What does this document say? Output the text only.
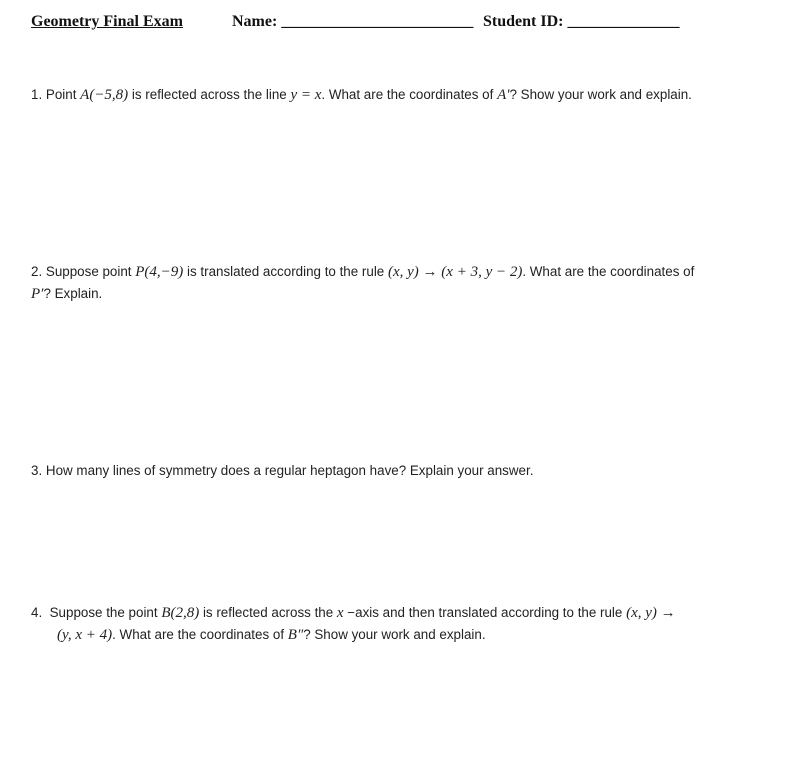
Geometry Final Exam	Name: ________________________ Student ID: ______________
1. Point A(−5,8) is reflected across the line y = x. What are the coordinates of A′? Show your work and explain.
2. Suppose point P(4,−9) is translated according to the rule (x, y) → (x + 3, y − 2). What are the coordinates of
P′? Explain.
3. How many lines of symmetry does a regular heptagon have? Explain your answer.
4. Suppose the point B(2,8) is reflected across the x −axis and then translated according to the rule (x, y) →
(y, x + 4). What are the coordinates of B″? Show your work and explain.
